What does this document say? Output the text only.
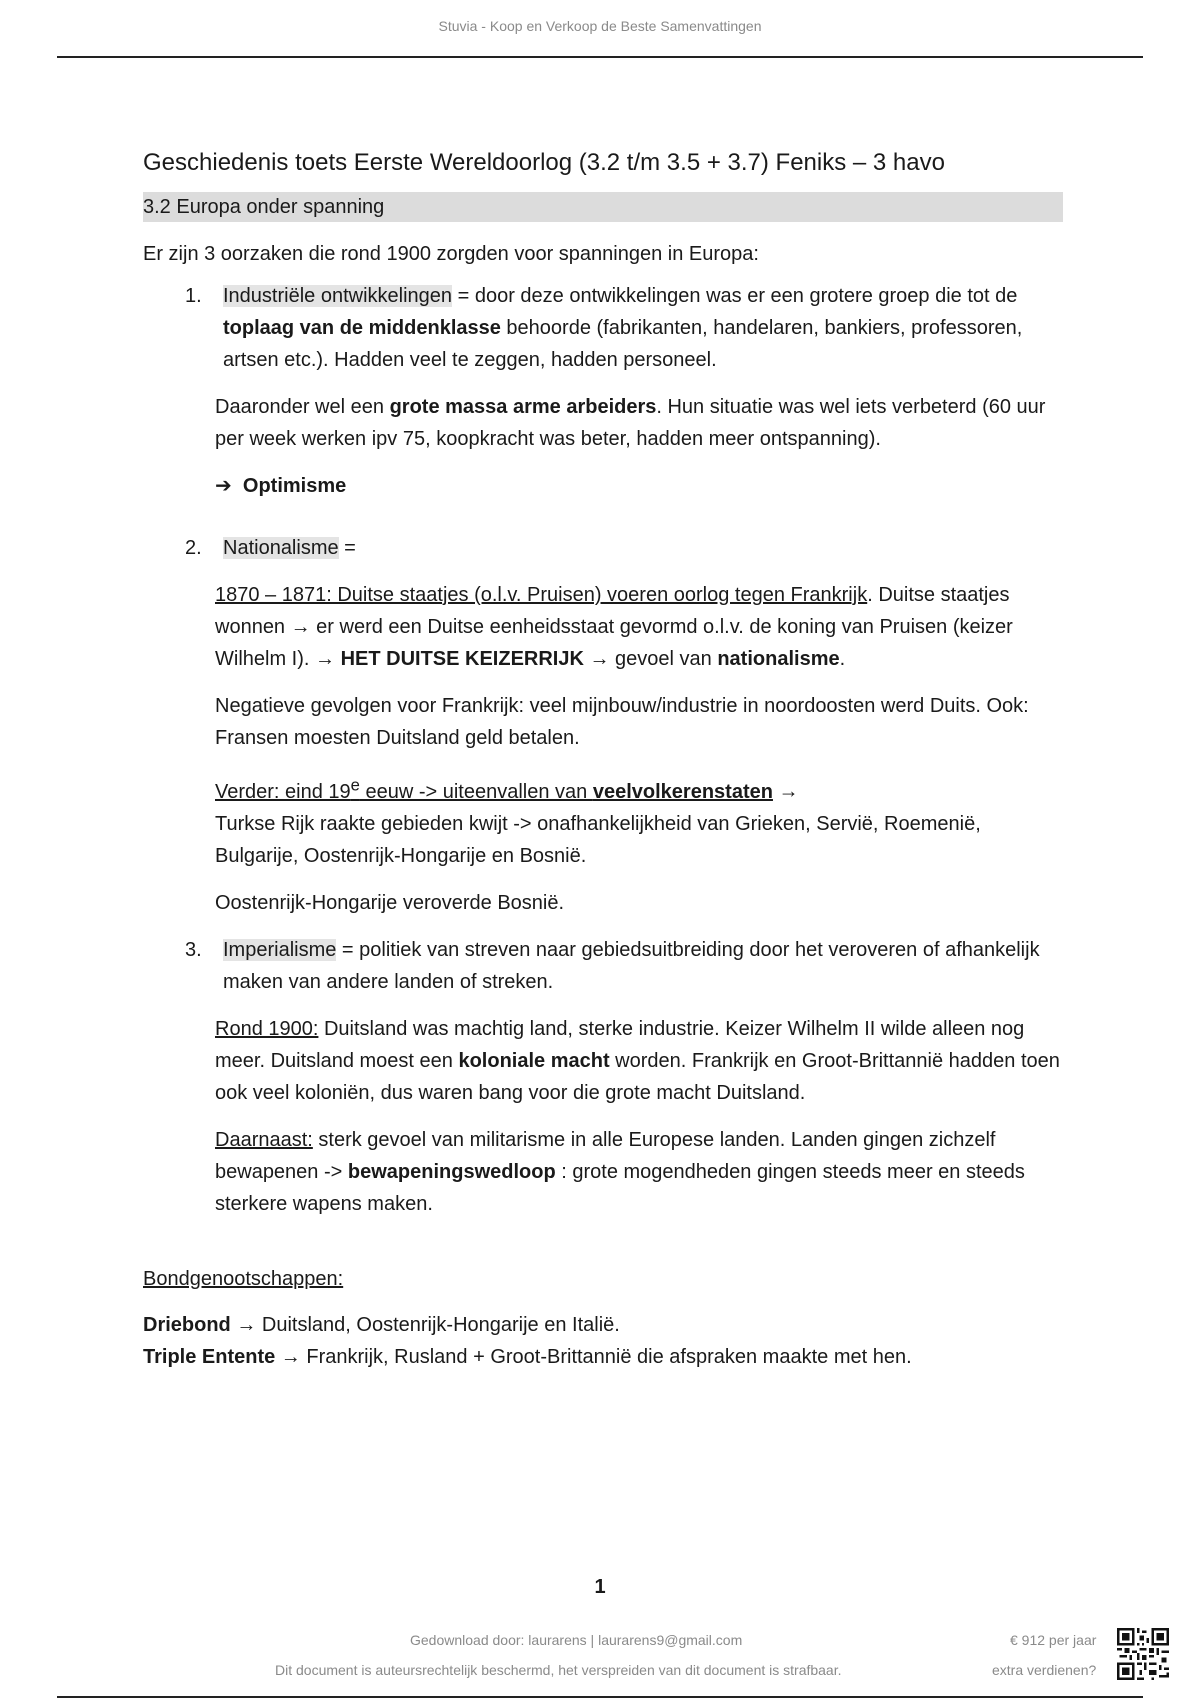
Stuvia - Koop en Verkoop de Beste Samenvattingen
Geschiedenis toets Eerste Wereldoorlog (3.2 t/m 3.5 + 3.7) Feniks – 3 havo
3.2 Europa onder spanning

Er zijn 3 oorzaken die rond 1900 zorgden voor spanningen in Europa:

1. Industriële ontwikkelingen = door deze ontwikkelingen was er een grotere groep die tot de toplaag van de middenklasse behoorde (fabrikanten, handelaren, bankiers, professoren, artsen etc.). Hadden veel te zeggen, hadden personeel.

Daaronder wel een grote massa arme arbeiders. Hun situatie was wel iets verbeterd (60 uur per week werken ipv 75, koopkracht was beter, hadden meer ontspanning).

➔ Optimisme

2. Nationalisme =

1870 – 1871: Duitse staatjes (o.l.v. Pruisen) voeren oorlog tegen Frankrijk. Duitse staatjes wonnen → er werd een Duitse eenheidsstaat gevormd o.l.v. de koning van Pruisen (keizer Wilhelm I). → HET DUITSE KEIZERRIJK → gevoel van nationalisme.

Negatieve gevolgen voor Frankrijk: veel mijnbouw/industrie in noordoosten werd Duits. Ook: Fransen moesten Duitsland geld betalen.

Verder: eind 19e eeuw -> uiteenvallen van veelvolkerenstaten →
Turkse Rijk raakte gebieden kwijt -> onafhankelijkheid van Grieken, Servië, Roemenië, Bulgarije, Oostenrijk-Hongarije en Bosnië.

Oostenrijk-Hongarije veroverde Bosnië.

3. Imperialisme = politiek van streven naar gebiedsuitbreiding door het veroveren of afhankelijk maken van andere landen of streken.

Rond 1900: Duitsland was machtig land, sterke industrie. Keizer Wilhelm II wilde alleen nog meer. Duitsland moest een koloniale macht worden. Frankrijk en Groot-Brittannië hadden toen ook veel koloniën, dus waren bang voor die grote macht Duitsland.

Daarnaast: sterk gevoel van militarisme in alle Europese landen. Landen gingen zichzelf bewapenen -> bewapeningswedloop : grote mogendheden gingen steeds meer en steeds sterkere wapens maken.

Bondgenootschappen:

Driebond → Duitsland, Oostenrijk-Hongarije en Italië.

Triple Entente → Frankrijk, Rusland + Groot-Brittannië die afspraken maakte met hen.

1
Gedownload door: laurarens | laurarens9@gmail.com
Dit document is auteursrechtelijk beschermd, het verspreiden van dit document is strafbaar.
€ 912 per jaar
extra verdienen?
